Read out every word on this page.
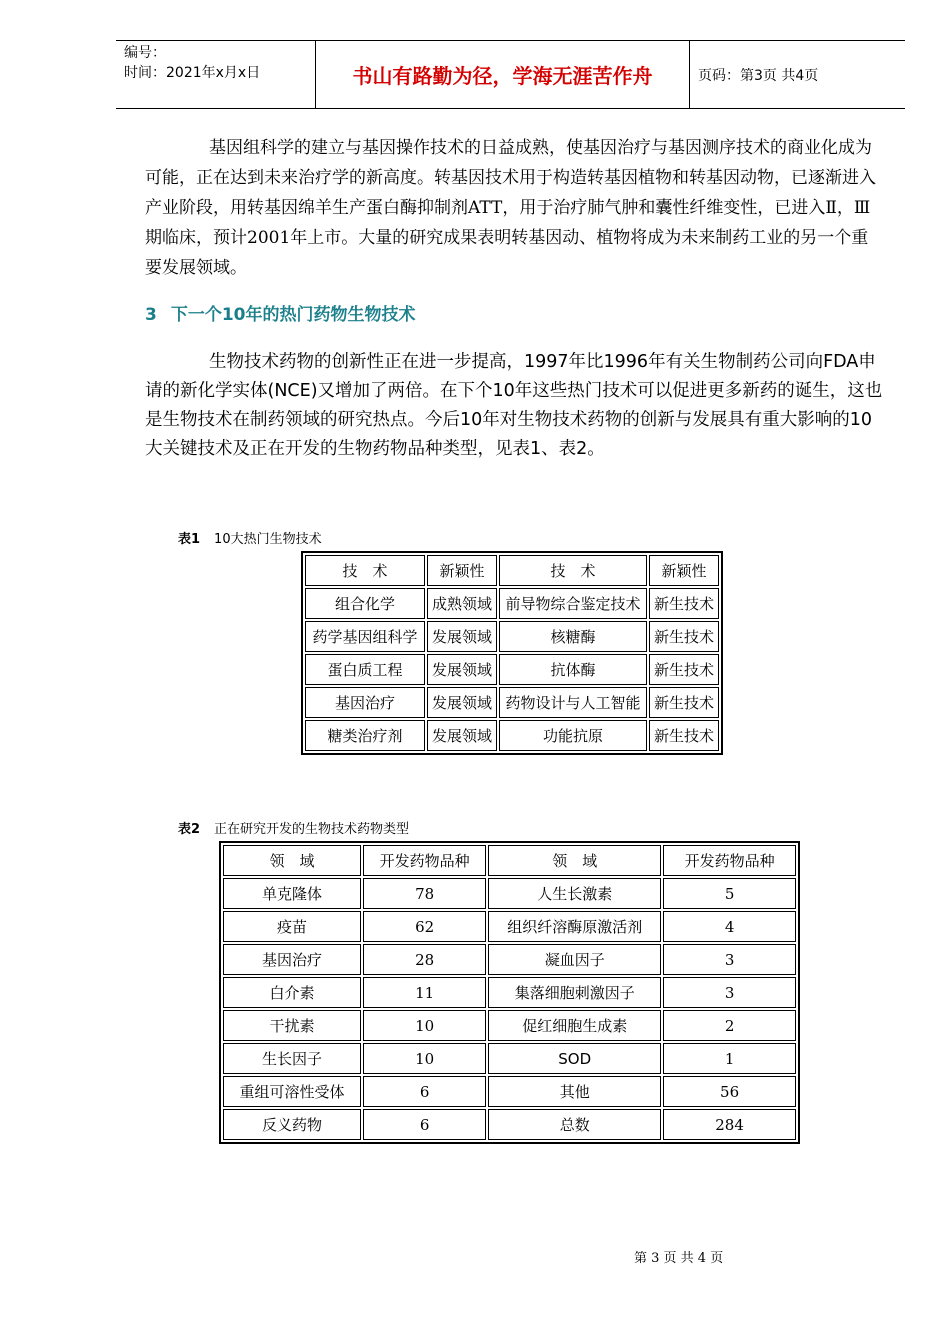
编号：
时间：2021年x月x日	书山有路勤为径，学海无涯苦作舟	页码：第3页 共4页
基因组科学的建立与基因操作技术的日益成熟，使基因治疗与基因测序技术的商业化成为可能，正在达到未来治疗学的新高度。转基因技术用于构造转基因植物和转基因动物，已逐渐进入产业阶段，用转基因绵羊生产蛋白酶抑制剂ATT，用于治疗肺气肿和囊性纤维变性，已进入Ⅱ，Ⅲ期临床，预计2001年上市。大量的研究成果表明转基因动、植物将成为未来制药工业的另一个重要发展领域。
3 下一个10年的热门药物生物技术
生物技术药物的创新性正在进一步提高，1997年比1996年有关生物制药公司向FDA申请的新化学实体(NCE)又增加了两倍。在下个10年这些热门技术可以促进更多新药的诞生，这也是生物技术在制药领域的研究热点。今后10年对生物技术药物的创新与发展具有重大影响的10大关键技术及正在开发的生物药物品种类型，见表1、表2。
表1 10大热门生物技术
技　术	新颖性	技　术	新颖性
组合化学	成熟领域	前导物综合鉴定技术	新生技术
药学基因组科学	发展领域	核糖酶	新生技术
蛋白质工程	发展领域	抗体酶	新生技术
基因治疗	发展领域	药物设计与人工智能	新生技术
糖类治疗剂	发展领域	功能抗原	新生技术
表2 正在研究开发的生物技术药物类型
领　域	开发药物品种	领　域	开发药物品种
单克隆体	78	人生长激素	5
疫苗	62	组织纤溶酶原激活剂	4
基因治疗	28	凝血因子	3
白介素	11	集落细胞刺激因子	3
干扰素	10	促红细胞生成素	2
生长因子	10	SOD	1
重组可溶性受体	6	其他	56
反义药物	6	总数	284
第 3 页 共 4 页
